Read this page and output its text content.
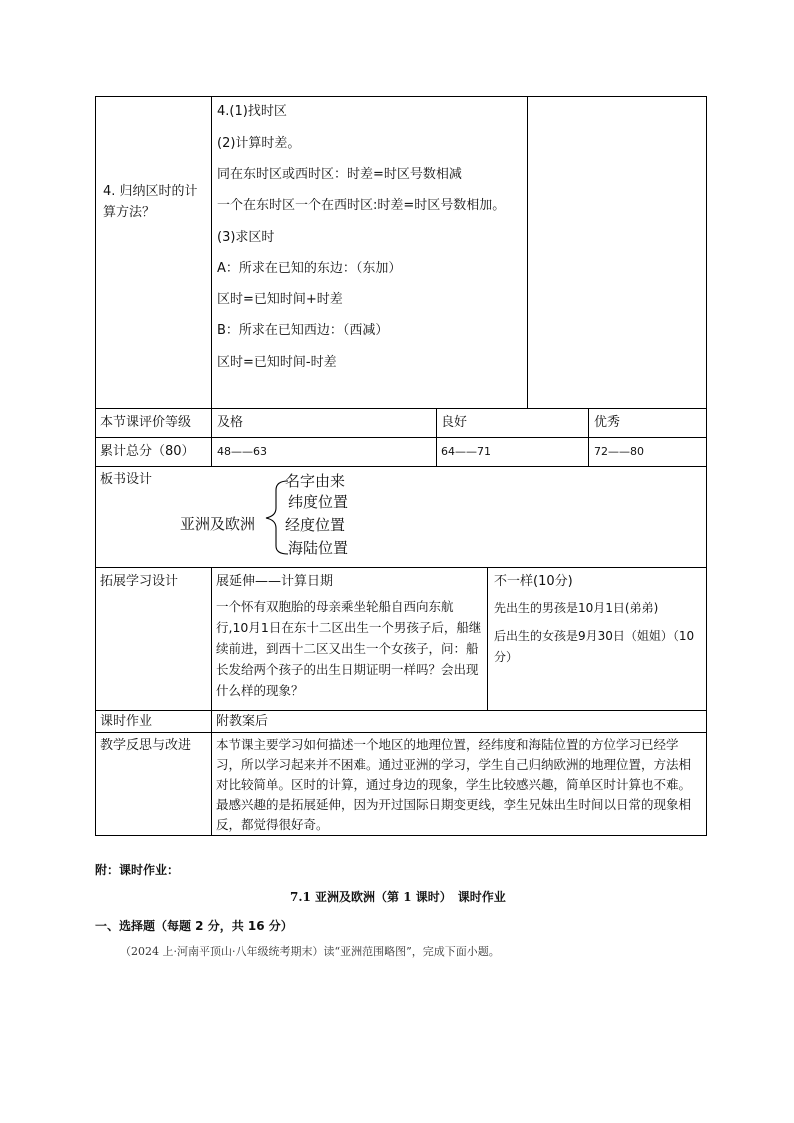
4. 归纳区时的计算方法？
4.(1)找时区
(2)计算时差。
同在东时区或西时区：时差=时区号数相减
一个在东时区一个在西时区:时差=时区号数相加。
(3)求区时
A：所求在已知的东边：（东加）
区时=已知时间+时差
B：所求在已知西边：（西减）
区时=已知时间-时差
本节课评价等级 及格	良好	优秀
累计总分（80） 48——63	64——71	72——80
板书设计
亚洲及欧洲
名字由来
纬度位置
经度位置
海陆位置
拓展学习设计	展延伸——计算日期
一个怀有双胞胎的母亲乘坐轮船自西向东航行,10月1日在东十二区出生一个男孩子后，船继续前进，到西十二区又出生一个女孩子，问：船长发给两个孩子的出生日期证明一样吗？会出现什么样的现象？
不一样(10分)
先出生的男孩是10月1日(弟弟)
后出生的女孩是9月30日（姐姐）（10分）
课时作业	附教案后
教学反思与改进 本节课主要学习如何描述一个地区的地理位置，经纬度和海陆位置的方位学习已经学习，所以学习起来并不困难。通过亚洲的学习，学生自己归纳欧洲的地理位置，方法相对比较简单。区时的计算，通过身边的现象，学生比较感兴趣，简单区时计算也不难。最感兴趣的是拓展延伸，因为开过国际日期变更线，孪生兄妹出生时间以日常的现象相反，都觉得很好奇。
附：课时作业：
7.1 亚洲及欧洲（第 1 课时）　课时作业
一、选择题（每题 2 分，共 16 分）
（2024 上·河南平顶山·八年级统考期末）读“亚洲范围略图”，完成下面小题。
